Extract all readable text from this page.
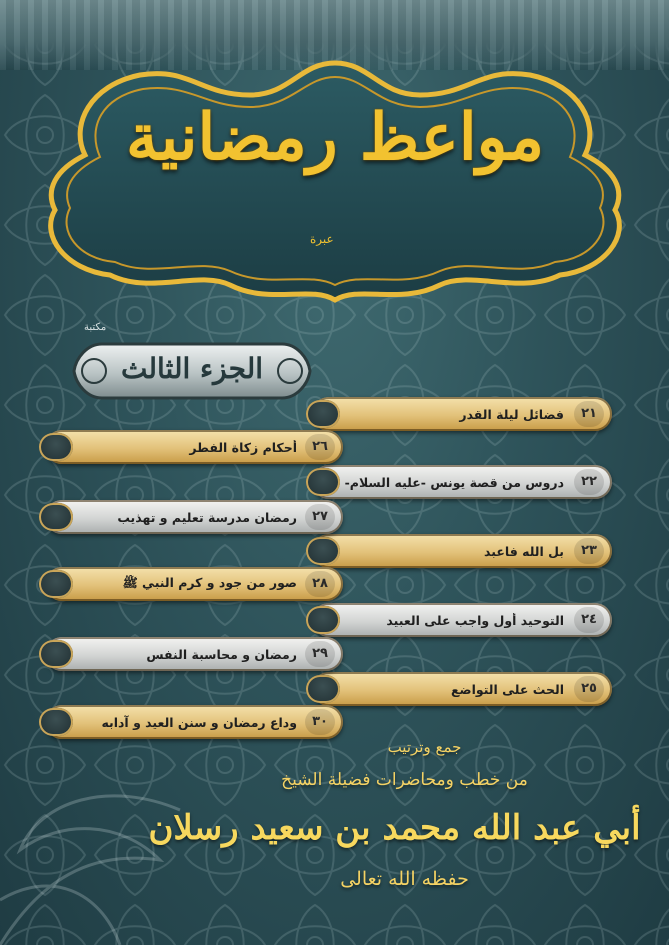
مواعظ رمضانية
عبرة
مكتبة
الجزء الثالث
٢١
فضائل ليلة القدر
٢٢
دروس من قصة يونس -عليه السلام-
٢٣
بل الله فاعبد
٢٤
التوحيد أول واجب على العبيد
٢٥
الحث على التواضع
٢٦
أحكام زكاة الفطر
٢٧
رمضان مدرسة تعليم و تهذيب
٢٨
صور من جود و كرم النبي ﷺ
٢٩
رمضان و محاسبة النفس
٣٠
وداع رمضان و سنن العيد و آدابه
جمع وترتيب
من خطب ومحاضرات فضيلة الشيخ
أبي عبد الله محمد بن سعيد رسلان
حفظه الله تعالى
